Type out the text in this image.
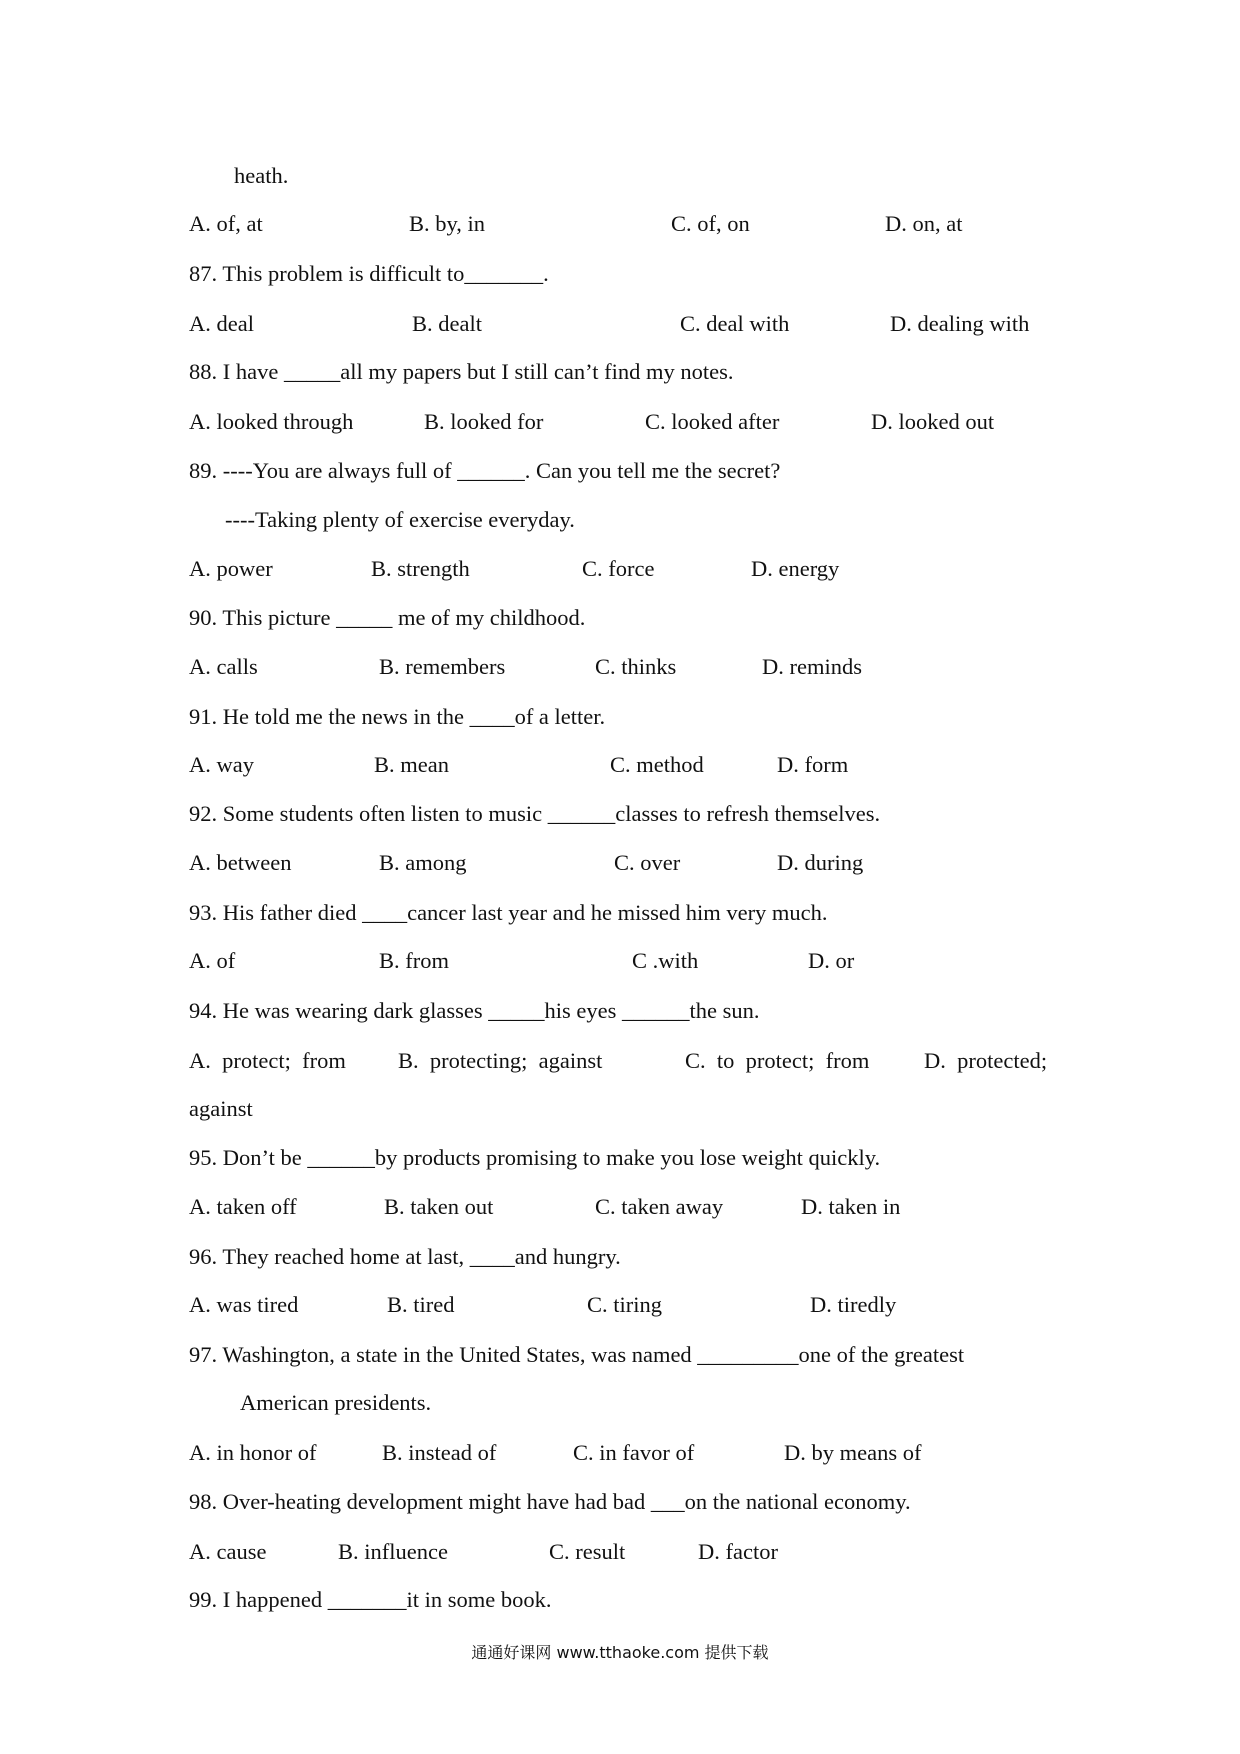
heath.
A. of, at	B. by, in	C. of, on	D. on, at
87. This problem is difficult to_______.
A. deal	B. dealt	C. deal with	D. dealing with
88. I have _____all my papers but I still can’t find my notes.
A. looked through	B. looked for	C. looked after	D. looked out
89. ----You are always full of ______. Can you tell me the secret?
----Taking plenty of exercise everyday.
A. power	B. strength	C. force	D. energy
90. This picture _____ me of my childhood.
A. calls	B. remembers	C. thinks	D. reminds
91. He told me the news in the ____of a letter.
A. way	B. mean	C. method	D. form
92. Some students often listen to music ______classes to refresh themselves.
A. between	B. among	C. over	D. during
93. His father died ____cancer last year and he missed him very much.
A. of	B. from	C .with	D. or
94. He was wearing dark glasses _____his eyes ______the sun.
A.  protect;  from B.  protecting;  against	C.  to  protect;  from D.  protected;
against
95. Don’t be ______by products promising to make you lose weight quickly.
A. taken off	B. taken out	C. taken away	D. taken in
96. They reached home at last, ____and hungry.
A. was tired	B. tired	C. tiring	D. tiredly
97. Washington, a state in the United States, was named _________one of the greatest
American presidents.
A. in honor of	B. instead of	C. in favor of	D. by means of
98. Over-heating development might have had bad ___on the national economy.
A. cause	B. influence	C. result	D. factor
99. I happened _______it in some book.
通通好课网 www.tthaoke.com 提供下载
